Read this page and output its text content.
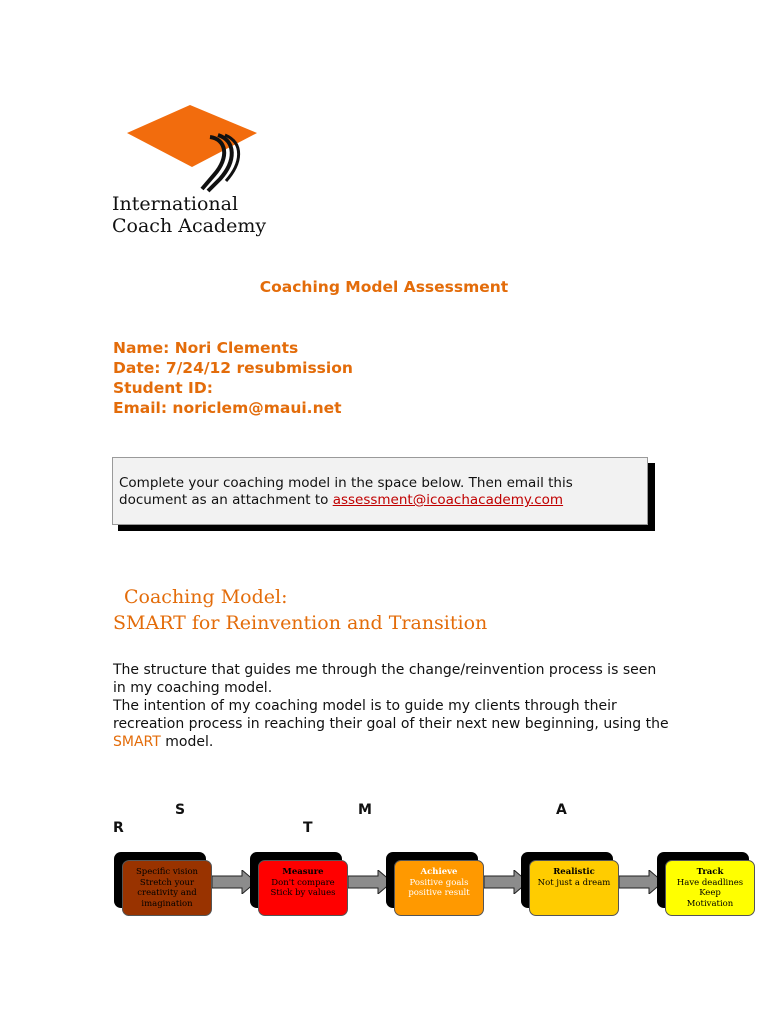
International
Coach Academy
Coaching Model Assessment
Name: Nori Clements
Date: 7/24/12 resubmission
Student ID:
Email: noriclem@maui.net
Complete your coaching model in the space below. Then email this document as an attachment to assessment@icoachacademy.com
Coaching Model:
SMART for Reinvention and Transition
The structure that guides me through the change/reinvention process is seen in my coaching model.
The intention of my coaching model is to guide my clients through their recreation process in reaching their goal of their next new beginning, using the SMART model.
S	M	A
R	T
Specific vision
Stretch your
creativity and
imagination
Measure
Don't compare
Stick by values
Achieve
Positive goals
positive result
Realistic
Not just a dream
Track
Have deadlines
Keep
Motivation
